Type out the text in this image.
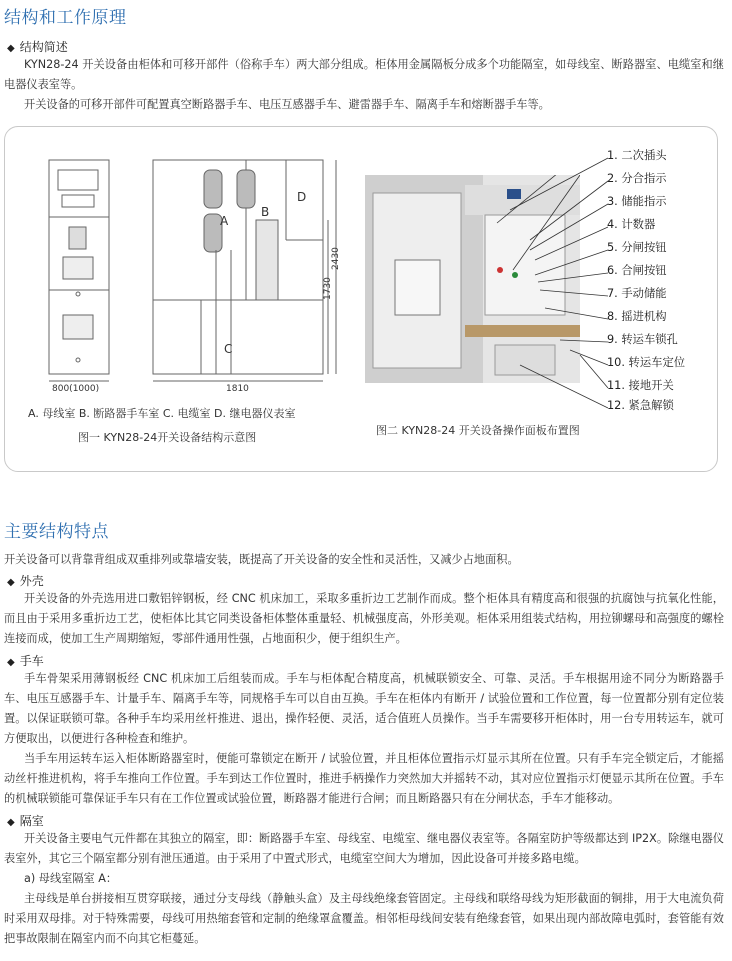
结构和工作原理
◆ 结构简述
KYN28-24 开关设备由柜体和可移开部件（俗称手车）两大部分组成。柜体用金属隔板分成多个功能隔室，如母线室、断路器室、电缆室和继电器仪表室等。
开关设备的可移开部件可配置真空断路器手车、电压互感器手车、避雷器手车、隔离手车和熔断器手车等。
800(1000)	1810
2430
1730
A
B
C
D
A. 母线室 B. 断路器手车室 C. 电缆室 D. 继电器仪表室
图一 KYN28-24开关设备结构示意图
图二 KYN28-24 开关设备操作面板布置图
1. 二次插头
2. 分合指示
3. 储能指示
4. 计数器
5. 分闸按钮
6. 合闸按钮
7. 手动储能
8. 摇进机构
9. 转运车锁孔
10. 转运车定位
11. 接地开关
12. 紧急解锁
主要结构特点
开关设备可以背靠背组成双重排列或靠墙安装，既提高了开关设备的安全性和灵活性，又减少占地面积。
◆ 外壳
开关设备的外壳选用进口敷铝锌钢板，经 CNC 机床加工，采取多重折边工艺制作而成。整个柜体具有精度高和很强的抗腐蚀与抗氧化性能，而且由于采用多重折边工艺，使柜体比其它同类设备柜体整体重量轻、机械强度高，外形美观。柜体采用组装式结构，用拉铆螺母和高强度的螺栓连接而成，使加工生产周期缩短，零部件通用性强，占地面积少，便于组织生产。
◆ 手车
手车骨架采用薄钢板经 CNC 机床加工后组装而成。手车与柜体配合精度高，机械联锁安全、可靠、灵活。手车根据用途不同分为断路器手车、电压互感器手车、计量手车、隔离手车等，同规格手车可以自由互换。手车在柜体内有断开 / 试验位置和工作位置，每一位置都分别有定位装置。以保证联锁可靠。各种手车均采用丝杆推进、退出，操作轻便、灵活，适合值班人员操作。当手车需要移开柜体时，用一台专用转运车，就可方便取出，以便进行各种检查和维护。
当手车用运转车运入柜体断路器室时，便能可靠锁定在断开 / 试验位置，并且柜体位置指示灯显示其所在位置。只有手车完全锁定后，才能摇动丝杆推进机构，将手车推向工作位置。手车到达工作位置时，推进手柄操作力突然加大并摇转不动，其对应位置指示灯便显示其所在位置。手车的机械联锁能可靠保证手车只有在工作位置或试验位置，断路器才能进行合闸；而且断路器只有在分闸状态，手车才能移动。
◆ 隔室
开关设备主要电气元件都在其独立的隔室，即：断路器手车室、母线室、电缆室、继电器仪表室等。各隔室防护等级都达到 IP2X。除继电器仪表室外，其它三个隔室都分别有泄压通道。由于采用了中置式形式，电缆室空间大为增加，因此设备可并接多路电缆。
a) 母线室隔室 A：
主母线是单台拼接相互贯穿联接，通过分支母线（静触头盒）及主母线绝缘套管固定。主母线和联络母线为矩形截面的铜排，用于大电流负荷时采用双母排。对于特殊需要，母线可用热缩套管和定制的绝缘罩盒覆盖。相邻柜母线间安装有绝缘套管，如果出现内部故障电弧时，套管能有效把事故限制在隔室内而不向其它柜蔓延。
